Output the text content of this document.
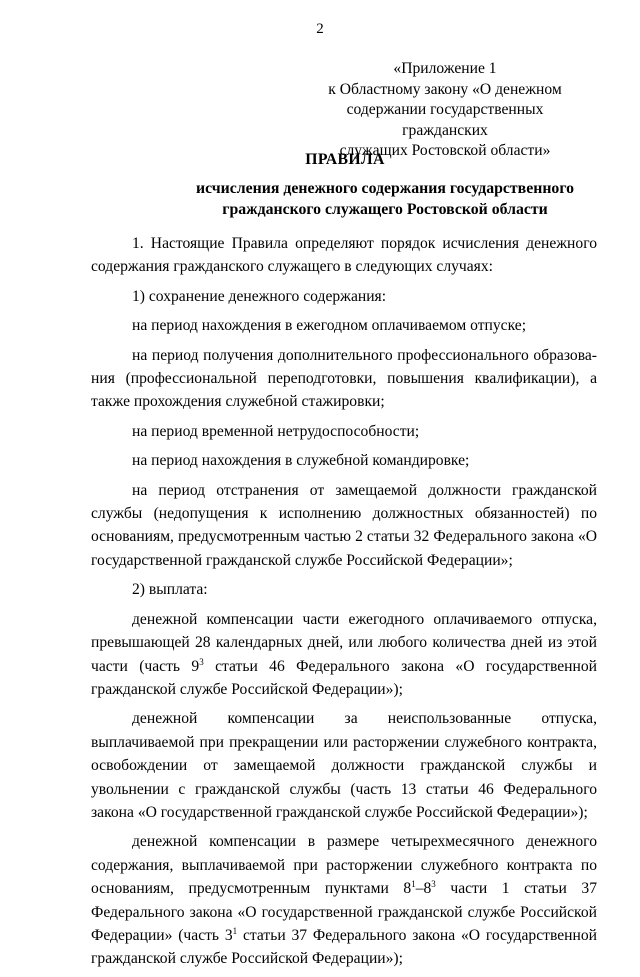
2
«Приложение 1
к Областному закону «О денежном
содержании государственных гражданских
служащих Ростовской области»
ПРАВИЛА
исчисления денежного содержания государственного
гражданского служащего Ростовской области

1. Настоящие Правила определяют порядок исчисления денежного содержания гражданского служащего в следующих случаях:

1) сохранение денежного содержания:

на период нахождения в ежегодном оплачиваемом отпуске;

на период получения дополнительного профессионального образования (профессиональной переподготовки, повышения квалификации), а также прохождения служебной стажировки;

на период временной нетрудоспособности;

на период нахождения в служебной командировке;

на период отстранения от замещаемой должности гражданской службы (недопущения к исполнению должностных обязанностей) по основаниям, предусмотренным частью 2 статьи 32 Федерального закона «О государственной гражданской службе Российской Федерации»;

2) выплата:

денежной компенсации части ежегодного оплачиваемого отпуска, превышающей 28 календарных дней, или любого количества дней из этой части (часть $9^3$ статьи 46 Федерального закона «О государственной гражданской службе Российской Федерации»);

денежной компенсации за неиспользованные отпуска, выплачиваемой при прекращении или расторжении служебного контракта, освобождении от замещаемой должности гражданской службы и увольнении с гражданской службы (часть 13 статьи 46 Федерального закона «О государственной гражданской службе Российской Федерации»);

денежной компенсации в размере четырехмесячного денежного содержания, выплачиваемой при расторжении служебного контракта по основаниям, предусмотренным пунктами $8^1-8^3$ части 1 статьи 37 Федерального закона «О государственной гражданской службе Российской Федерации» (часть $3^1$ статьи 37 Федерального закона «О государственной гражданской службе Российской Федерации»);
